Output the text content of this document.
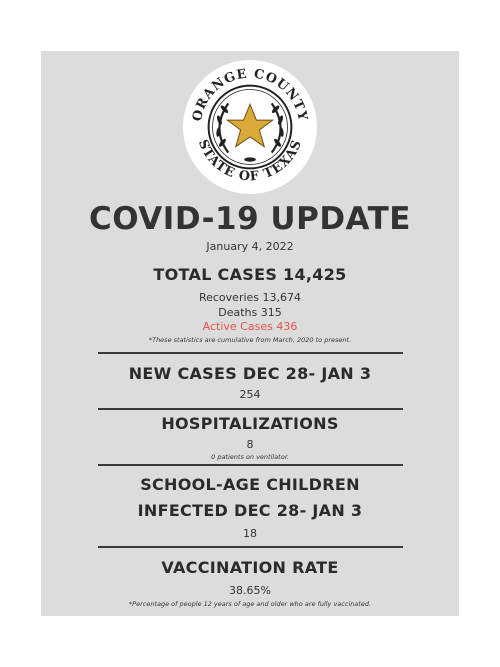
ORANGE COUNTY
STATE OF TEXAS
COVID-19 UPDATE
January 4, 2022
TOTAL CASES 14,425
Recoveries 13,674
Deaths 315
Active Cases 436
*These statistics are cumulative from March, 2020 to present.
NEW CASES DEC 28- JAN 3
254
HOSPITALIZATIONS
8
0 patients on ventilator.
SCHOOL-AGE CHILDREN
INFECTED DEC 28- JAN 3
18
VACCINATION RATE
38.65%
*Percentage of people 12 years of age and older who are fully vaccinated.
